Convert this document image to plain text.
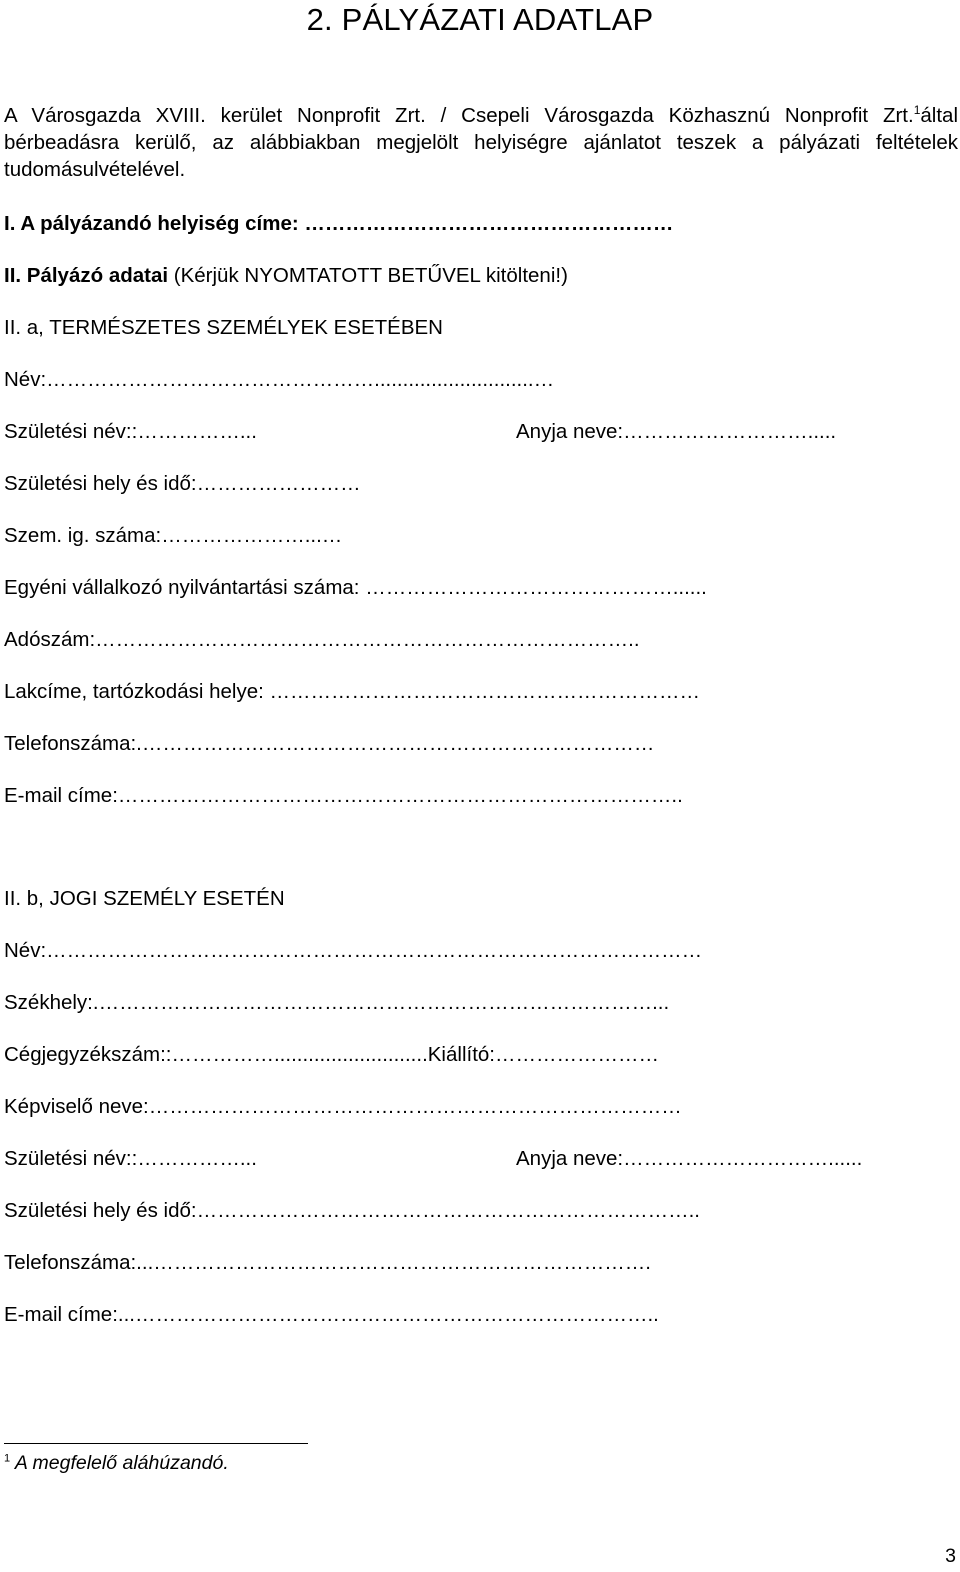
2. PÁLYÁZATI ADATLAP

A Városgazda XVIII. kerület Nonprofit Zrt. / Csepeli Városgazda Közhasznú Nonprofit Zrt.$^1$által bérbeadásra kerülő, az alábbiakban megjelölt helyiségre ajánlatot teszek a pályázati feltételek tudomásulvételével.

I. A pályázandó helyiség címe: ………………………………………………
II. Pályázó adatai (Kérjük NYOMTATOTT BETŰVEL kitölteni!)
II. a, TERMÉSZETES SZEMÉLYEK ESETÉBEN
Név:…………………………………………............................…
Születési név::……………...	Anyja neve:……………………….....
Születési hely és idő:……………………
Szem. ig. száma:…………………...…
Egyéni vállalkozó nyilvántartási száma: ………………………………………......
Adószám:……………………………………………………………………..
Lakcíme, tartózkodási helye: ………………………………………………………
Telefonszáma:.…………………………………………………………………
E-mail címe:………………………………………………………………………..
II. b, JOGI SZEMÉLY ESETÉN
Név:……………………………………………………………………………………
Székhely:.………………………………………………………………………...
Cégjegyzékszám::……………...........................Kiállító:……………………
Képviselő neve:……………………………………………………………………
Születési név::……………...	Anyja neve:…………………………......
Születési hely és idő:………………………………………………………………..
Telefonszáma:...……………………………………………………………….
E-mail címe:...…………………………………………………………………..
$^1$ A megfelelő aláhúzandó.
3
